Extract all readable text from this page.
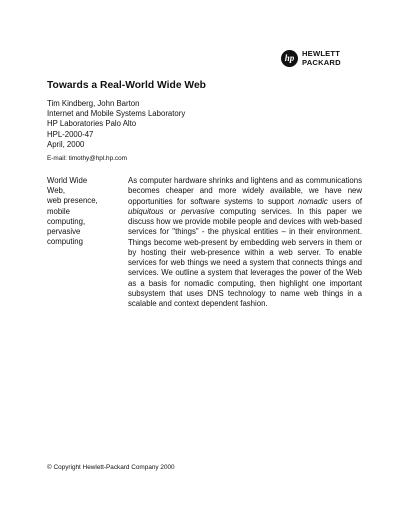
hp	HEWLETT
PACKARD
Towards a Real-World Wide Web
Tim Kindberg, John Barton
Internet and Mobile Systems Laboratory
HP Laboratories Palo Alto
HPL-2000-47
April, 2000
E-mail: timothy@hpl.hp.com
World Wide
Web,
web presence,
mobile
computing,
pervasive
computing

As computer hardware shrinks and lightens and as communications becomes cheaper and more widely available, we have new opportunities for software systems to support nomadic users of ubiquitous or pervasive computing services. In this paper we discuss how we provide mobile people and devices with web-based services for "things" - the physical entities – in their environment. Things become web-present by embedding web servers in them or by hosting their web-presence within a web server. To enable services for web things we need a system that connects things and services. We outline a system that leverages the power of the Web as a basis for nomadic computing, then highlight one important subsystem that uses DNS technology to name web things in a scalable and context dependent fashion.

© Copyright Hewlett-Packard Company 2000
